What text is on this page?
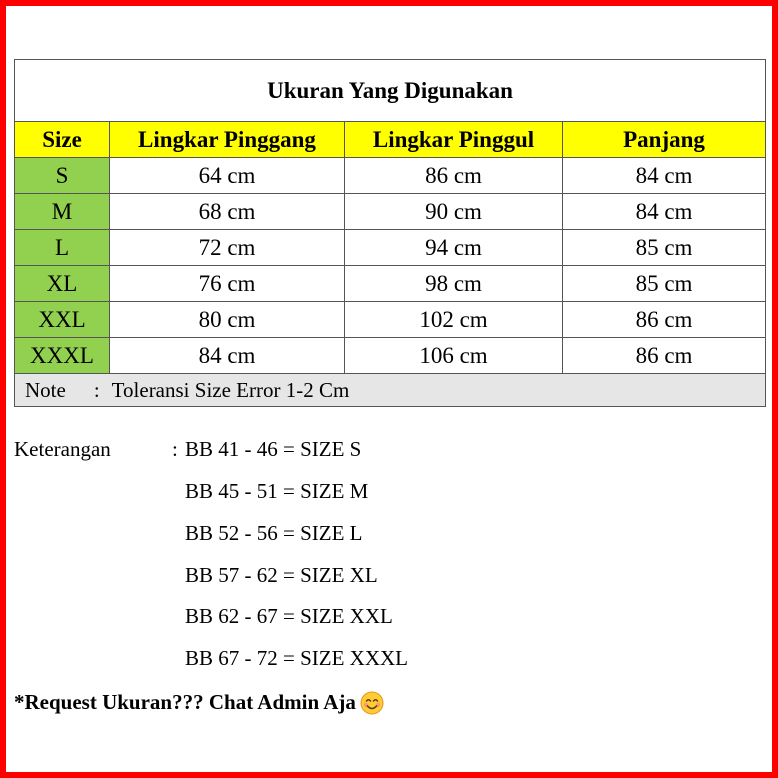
Ukuran Yang Digunakan			
Size	Lingkar Pinggang	Lingkar Pinggul	Panjang
S	64 cm	86 cm	84 cm
M	68 cm	90 cm	84 cm
L	72 cm	94 cm	85 cm
XL	76 cm	98 cm	85 cm
XXL	80 cm	102 cm	86 cm
XXXL	84 cm	106 cm	86 cm
Note : Toleransi Size Error 1-2 Cm			
Keterangan	: BB 41 - 46 = SIZE S
BB 45 - 51 = SIZE M
BB 52 - 56 = SIZE L
BB 57 - 62 = SIZE XL
BB 62 - 67 = SIZE XXL
BB 67 - 72 = SIZE XXXL
*Request Ukuran??? Chat Admin Aja
